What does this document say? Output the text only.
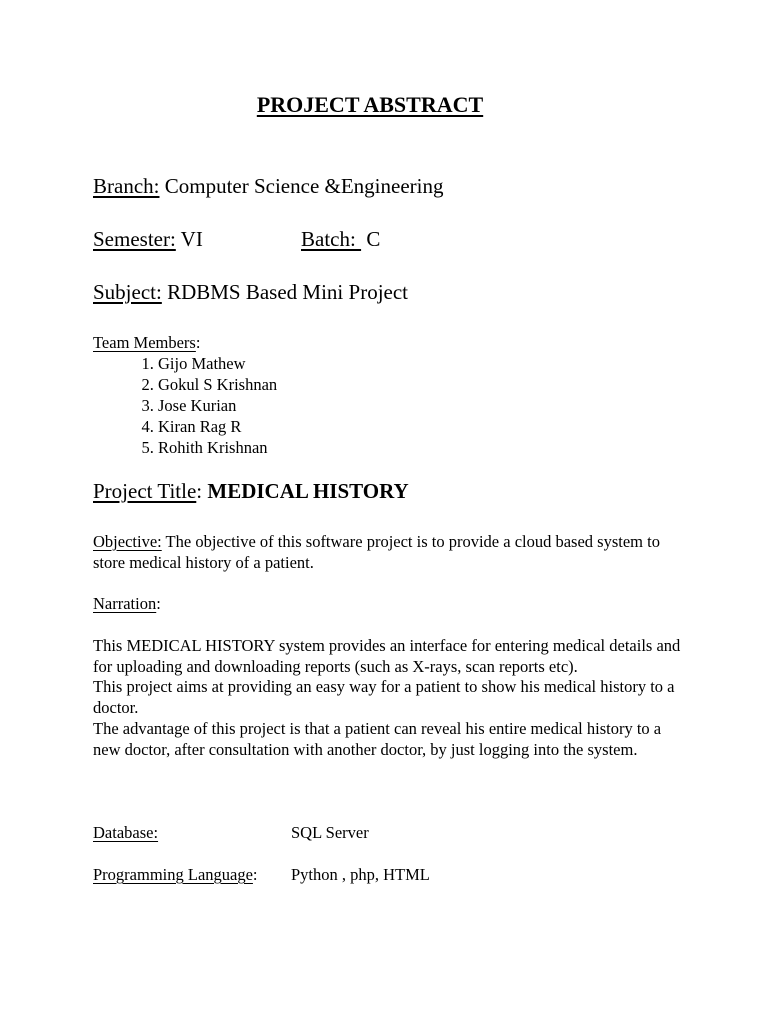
PROJECT ABSTRACT
Branch: Computer Science &Engineering
Semester: VI	Batch:  C
Subject: RDBMS Based Mini Project
Team Members:
1. Gijo Mathew
2. Gokul S Krishnan
3. Jose Kurian
4. Kiran Rag R
5. Rohith Krishnan
Project Title: MEDICAL HISTORY
Objective: The objective of this software project is to provide a cloud based system to store medical history of a patient.
Narration:

This MEDICAL HISTORY system provides an interface for entering medical details and for uploading and downloading reports (such as X-rays, scan reports etc).

This project aims at providing an easy way for a patient to show his medical history to a doctor.

The advantage of this project is that a patient can reveal his entire medical history to a new doctor, after consultation with another doctor, by just logging into the system.

Database:	SQL Server
Programming Language: Python , php, HTML
